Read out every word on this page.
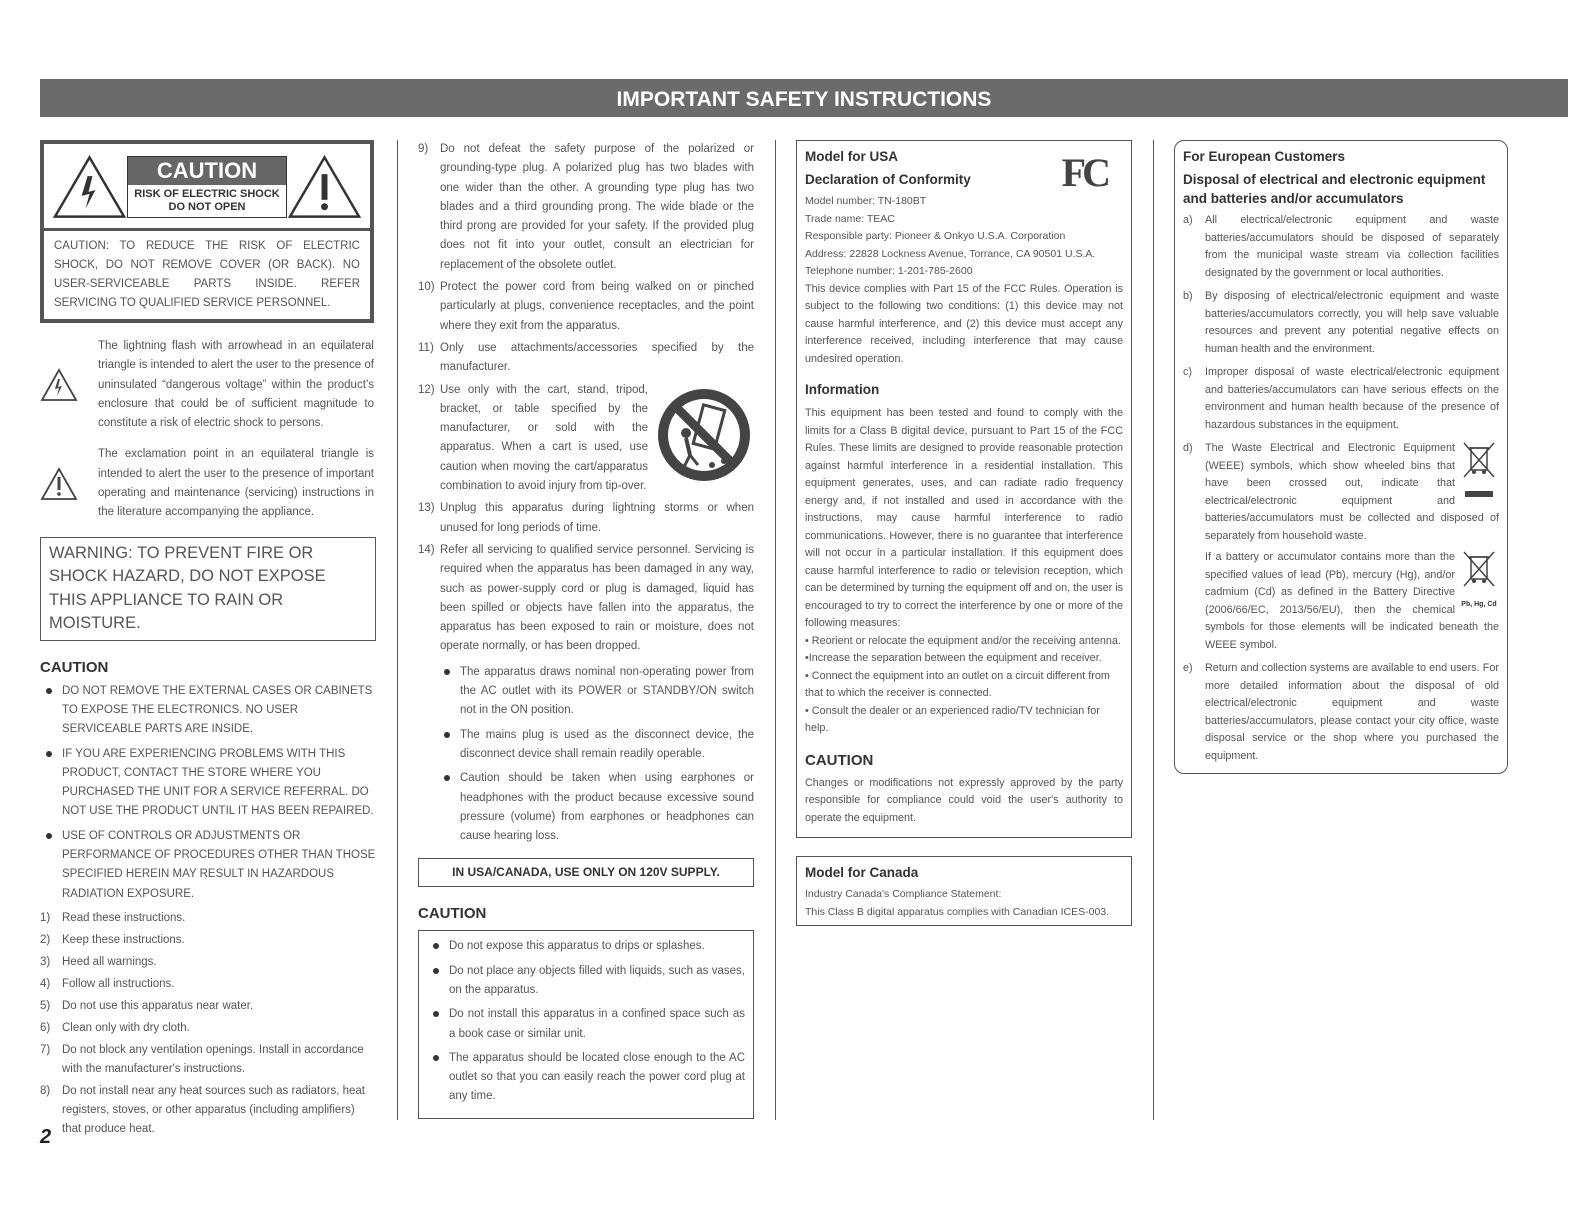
IMPORTANT SAFETY INSTRUCTIONS
CAUTION
RISK OF ELECTRIC SHOCK
DO NOT OPEN
CAUTION: TO REDUCE THE RISK OF ELECTRIC SHOCK, DO NOT REMOVE COVER (OR BACK). NO USER-SERVICEABLE PARTS INSIDE. REFER SERVICING TO QUALIFIED SERVICE PERSONNEL.
The lightning flash with arrowhead in an equilateral triangle is intended to alert the user to the presence of uninsulated “dangerous voltage” within the product’s enclosure that could be of sufficient magnitude to constitute a risk of electric shock to persons.
The exclamation point in an equilateral triangle is intended to alert the user to the presence of important operating and maintenance (servicing) instructions in the literature accompanying the appliance.
WARNING: TO PREVENT FIRE OR SHOCK HAZARD, DO NOT EXPOSE THIS APPLIANCE TO RAIN OR MOISTURE.
CAUTION
DO NOT REMOVE THE EXTERNAL CASES OR CABINETS TO EXPOSE THE ELECTRONICS. NO USER SERVICEABLE PARTS ARE INSIDE.
IF YOU ARE EXPERIENCING PROBLEMS WITH THIS PRODUCT, CONTACT THE STORE WHERE YOU PURCHASED THE UNIT FOR A SERVICE REFERRAL. DO NOT USE THE PRODUCT UNTIL IT HAS BEEN REPAIRED.
USE OF CONTROLS OR ADJUSTMENTS OR PERFORMANCE OF PROCEDURES OTHER THAN THOSE SPECIFIED HEREIN MAY RESULT IN HAZARDOUS RADIATION EXPOSURE.
1) Read these instructions.
2) Keep these instructions.
3) Heed all warnings.
4) Follow all instructions.
5) Do not use this apparatus near water.
6) Clean only with dry cloth.
7) Do not block any ventilation openings. Install in accordance with the manufacturer's instructions.
8) Do not install near any heat sources such as radiators, heat registers, stoves, or other apparatus (including amplifiers) that produce heat.
2
9) Do not defeat the safety purpose of the polarized or grounding-type plug. A polarized plug has two blades with one wider than the other. A grounding type plug has two blades and a third grounding prong. The wide blade or the third prong are provided for your safety. If the provided plug does not fit into your outlet, consult an electrician for replacement of the obsolete outlet.
10) Protect the power cord from being walked on or pinched particularly at plugs, convenience receptacles, and the point where they exit from the apparatus.
11) Only use attachments/accessories specified by the manufacturer.
12) Use only with the cart, stand, tripod, bracket, or table specified by the manufacturer, or sold with the apparatus. When a cart is used, use caution when moving the cart/apparatus combination to avoid injury from tip-over.
13) Unplug this apparatus during lightning storms or when unused for long periods of time.
14) Refer all servicing to qualified service personnel. Servicing is required when the apparatus has been damaged in any way, such as power-supply cord or plug is damaged, liquid has been spilled or objects have fallen into the apparatus, the apparatus has been exposed to rain or moisture, does not operate normally, or has been dropped.
The apparatus draws nominal non-operating power from the AC outlet with its POWER or STANDBY/ON switch not in the ON position.
The mains plug is used as the disconnect device, the disconnect device shall remain readily operable.
Caution should be taken when using earphones or headphones with the product because excessive sound pressure (volume) from earphones or headphones can cause hearing loss.
IN USA/CANADA, USE ONLY ON 120V SUPPLY.
CAUTION
Do not expose this apparatus to drips or splashes.
Do not place any objects filled with liquids, such as vases, on the apparatus.
Do not install this apparatus in a confined space such as a book case or similar unit.
The apparatus should be located close enough to the AC outlet so that you can easily reach the power cord plug at any time.
Model for USA	FC
Declaration of Conformity
Model number: TN-180BT
Trade name: TEAC
Responsible party: Pioneer & Onkyo U.S.A. Corporation
Address: 22828 Lockness Avenue, Torrance, CA 90501 U.S.A.
Telephone number: 1-201-785-2600
This device complies with Part 15 of the FCC Rules. Operation is subject to the following two conditions: (1) this device may not cause harmful interference, and (2) this device must accept any interference received, including interference that may cause undesired operation.
Information
This equipment has been tested and found to comply with the limits for a Class B digital device, pursuant to Part 15 of the FCC Rules. These limits are designed to provide reasonable protection against harmful interference in a residential installation. This equipment generates, uses, and can radiate radio frequency energy and, if not installed and used in accordance with the instructions, may cause harmful interference to radio communications. However, there is no guarantee that interference will not occur in a particular installation. If this equipment does cause harmful interference to radio or television reception, which can be determined by turning the equipment off and on, the user is encouraged to try to correct the interference by one or more of the following measures:
• Reorient or relocate the equipment and/or the receiving antenna.
•Increase the separation between the equipment and receiver.
• Connect the equipment into an outlet on a circuit different from that to which the receiver is connected.
• Consult the dealer or an experienced radio/TV technician for help.
CAUTION
Changes or modifications not expressly approved by the party responsible for compliance could void the user's authority to operate the equipment.
Model for Canada
Industry Canada's Compliance Statement:
This Class B digital apparatus complies with Canadian ICES-003.
For European Customers
Disposal of electrical and electronic equipment and batteries and/or accumulators
a) All electrical/electronic equipment and waste batteries/accumulators should be disposed of separately from the municipal waste stream via collection facilities designated by the government or local authorities.
b) By disposing of electrical/electronic equipment and waste batteries/accumulators correctly, you will help save valuable resources and prevent any potential negative effects on human health and the environment.
c) Improper disposal of waste electrical/electronic equipment and batteries/accumulators can have serious effects on the environment and human health because of the presence of hazardous substances in the equipment.
d) The Waste Electrical and Electronic Equipment (WEEE) symbols, which show wheeled bins that have been crossed out, indicate that electrical/electronic equipment and batteries/accumulators must be collected and disposed of separately from household waste.
Pb, Hg, Cd
If a battery or accumulator contains more than the specified values of lead (Pb), mercury (Hg), and/or cadmium (Cd) as defined in the Battery Directive (2006/66/EC, 2013/56/EU), then the chemical symbols for those elements will be indicated beneath the WEEE symbol.
e) Return and collection systems are available to end users. For more detailed information about the disposal of old electrical/electronic equipment and waste batteries/accumulators, please contact your city office, waste disposal service or the shop where you purchased the equipment.
